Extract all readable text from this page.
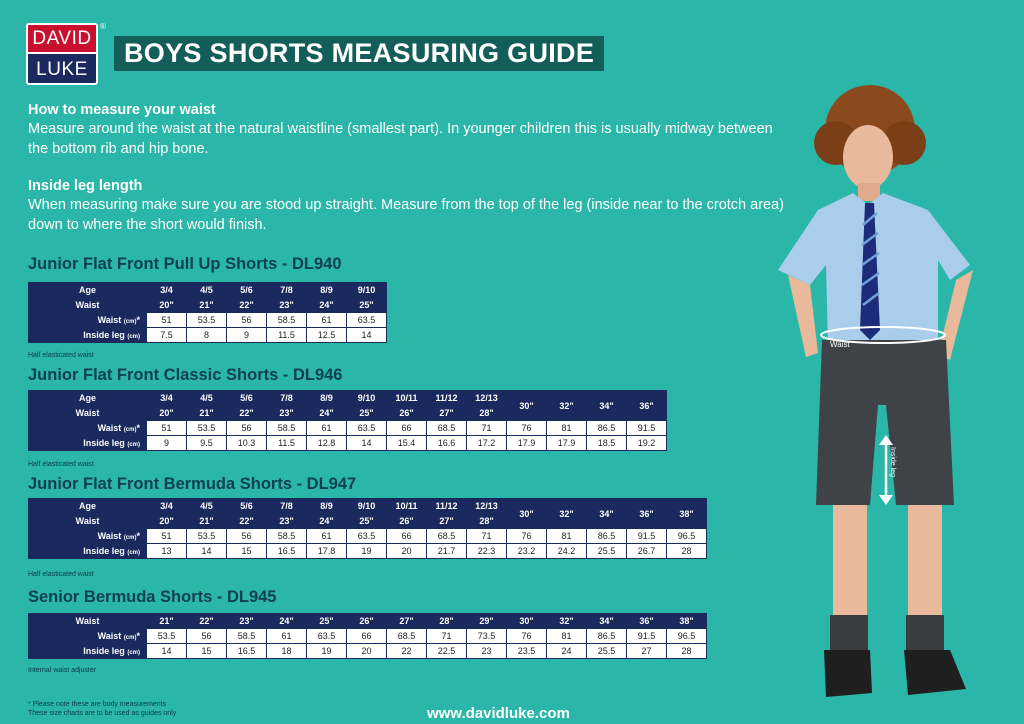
DAVID
LUKE
®
BOYS SHORTS MEASURING GUIDE
How to measure your waist
Measure around the waist at the natural waistline (smallest part). In younger children this is usually midway between the bottom rib and hip bone.
Inside leg length
When measuring make sure you are stood up straight. Measure from the top of the leg (inside near to the crotch area) down to where the short would finish.
Junior Flat Front Pull Up Shorts - DL940
Age	3/4	4/5	5/6	7/8	8/9	9/10
Waist	20"	21"	22"	23"	24"	25"
Waist (cm)*	51	53.5	56	58.5	61	63.5
Inside leg (cm)	7.5	8	9	11.5	12.5	14
Half elasticated waist
Junior Flat Front Classic Shorts - DL946
Age	3/4	4/5	5/6	7/8	8/9	9/10	10/11	11/12	12/13	30"	32"	34"	36"
Waist	20"	21"	22"	23"	24"	25"	26"	27"	28"				
Waist (cm)*	51	53.5	56	58.5	61	63.5	66	68.5	71	76	81	86.5	91.5
Inside leg (cm)	9	9.5	10.3	11.5	12.8	14	15.4	16.6	17.2	17.9	17.9	18.5	19.2
Half elasticated waist
Junior Flat Front Bermuda Shorts - DL947
Age	3/4	4/5	5/6	7/8	8/9	9/10	10/11	11/12	12/13	30"	32"	34"	36"	38"
Waist	20"	21"	22"	23"	24"	25"	26"	27"	28"					
Waist (cm)*	51	53.5	56	58.5	61	63.5	66	68.5	71	76	81	86.5	91.5	96.5
Inside leg (cm)	13	14	15	16.5	17.8	19	20	21.7	22.3	23.2	24.2	25.5	26.7	28
Half elasticated waist
Senior Bermuda Shorts - DL945
Waist	21"	22"	23"	24"	25"	26"	27"	28"	29"	30"	32"	34"	36"	38"
Waist (cm)*	53.5	56	58.5	61	63.5	66	68.5	71	73.5	76	81	86.5	91.5	96.5
Inside leg (cm)	14	15	16.5	18	19	20	22	22.5	23	23.5	24	25.5	27	28
Internal waist adjuster
* Please note these are body measurements
These size charts are to be used as guides only	www.davidluke.com
Waist
Inside leg
